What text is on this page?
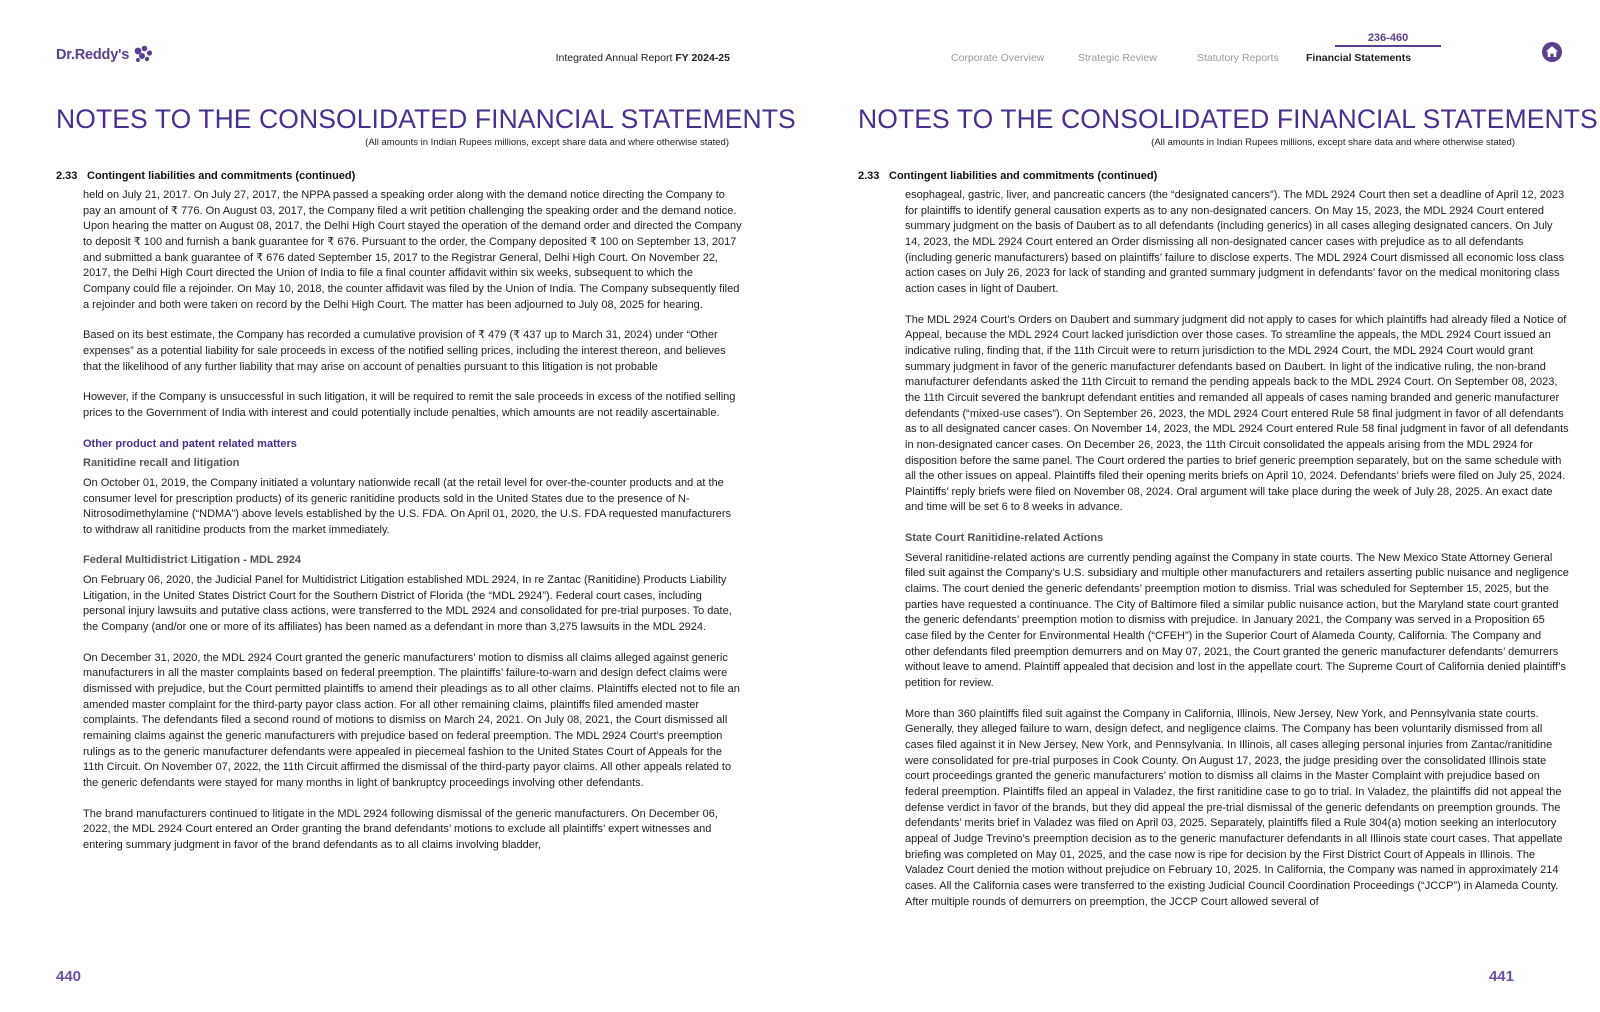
Dr.Reddy's	Integrated Annual Report FY 2024-25
NOTES TO THE CONSOLIDATED FINANCIAL STATEMENTS
(All amounts in Indian Rupees millions, except share data and where otherwise stated)
2.33 Contingent liabilities and commitments (continued)

held on July 21, 2017. On July 27, 2017, the NPPA passed a speaking order along with the demand notice directing the Company to pay an amount of ₹ 776. On August 03, 2017, the Company filed a writ petition challenging the speaking order and the demand notice. Upon hearing the matter on August 08, 2017, the Delhi High Court stayed the operation of the demand order and directed the Company to deposit ₹ 100 and furnish a bank guarantee for ₹ 676. Pursuant to the order, the Company deposited ₹ 100 on September 13, 2017 and submitted a bank guarantee of ₹ 676 dated September 15, 2017 to the Registrar General, Delhi High Court. On November 22, 2017, the Delhi High Court directed the Union of India to file a final counter affidavit within six weeks, subsequent to which the Company could file a rejoinder. On May 10, 2018, the counter affidavit was filed by the Union of India. The Company subsequently filed a rejoinder and both were taken on record by the Delhi High Court. The matter has been adjourned to July 08, 2025 for hearing.

Based on its best estimate, the Company has recorded a cumulative provision of ₹ 479 (₹ 437 up to March 31, 2024) under “Other expenses” as a potential liability for sale proceeds in excess of the notified selling prices, including the interest thereon, and believes that the likelihood of any further liability that may arise on account of penalties pursuant to this litigation is not probable

However, if the Company is unsuccessful in such litigation, it will be required to remit the sale proceeds in excess of the notified selling prices to the Government of India with interest and could potentially include penalties, which amounts are not readily ascertainable.

Other product and patent related matters
Ranitidine recall and litigation

On October 01, 2019, the Company initiated a voluntary nationwide recall (at the retail level for over-the-counter products and at the consumer level for prescription products) of its generic ranitidine products sold in the United States due to the presence of N-Nitrosodimethylamine (“NDMA”) above levels established by the U.S. FDA. On April 01, 2020, the U.S. FDA requested manufacturers to withdraw all ranitidine products from the market immediately.

Federal Multidistrict Litigation - MDL 2924

On February 06, 2020, the Judicial Panel for Multidistrict Litigation established MDL 2924, In re Zantac (Ranitidine) Products Liability Litigation, in the United States District Court for the Southern District of Florida (the “MDL 2924”). Federal court cases, including personal injury lawsuits and putative class actions, were transferred to the MDL 2924 and consolidated for pre-trial purposes. To date, the Company (and/or one or more of its affiliates) has been named as a defendant in more than 3,275 lawsuits in the MDL 2924.

On December 31, 2020, the MDL 2924 Court granted the generic manufacturers’ motion to dismiss all claims alleged against generic manufacturers in all the master complaints based on federal preemption. The plaintiffs’ failure-to-warn and design defect claims were dismissed with prejudice, but the Court permitted plaintiffs to amend their pleadings as to all other claims. Plaintiffs elected not to file an amended master complaint for the third-party payor class action. For all other remaining claims, plaintiffs filed amended master complaints. The defendants filed a second round of motions to dismiss on March 24, 2021. On July 08, 2021, the Court dismissed all remaining claims against the generic manufacturers with prejudice based on federal preemption. The MDL 2924 Court’s preemption rulings as to the generic manufacturer defendants were appealed in piecemeal fashion to the United States Court of Appeals for the 11th Circuit. On November 07, 2022, the 11th Circuit affirmed the dismissal of the third-party payor claims. All other appeals related to the generic defendants were stayed for many months in light of bankruptcy proceedings involving other defendants.

The brand manufacturers continued to litigate in the MDL 2924 following dismissal of the generic manufacturers. On December 06, 2022, the MDL 2924 Court entered an Order granting the brand defendants’ motions to exclude all plaintiffs’ expert witnesses and entering summary judgment in favor of the brand defendants as to all claims involving bladder,

440
Corporate Overview	Strategic Review	Statutory Reports
236-460
Financial Statements
NOTES TO THE CONSOLIDATED FINANCIAL STATEMENTS
(All amounts in Indian Rupees millions, except share data and where otherwise stated)
2.33 Contingent liabilities and commitments (continued)

esophageal, gastric, liver, and pancreatic cancers (the “designated cancers”). The MDL 2924 Court then set a deadline of April 12, 2023 for plaintiffs to identify general causation experts as to any non-designated cancers. On May 15, 2023, the MDL 2924 Court entered summary judgment on the basis of Daubert as to all defendants (including generics) in all cases alleging designated cancers. On July 14, 2023, the MDL 2924 Court entered an Order dismissing all non-designated cancer cases with prejudice as to all defendants (including generic manufacturers) based on plaintiffs’ failure to disclose experts. The MDL 2924 Court dismissed all economic loss class action cases on July 26, 2023 for lack of standing and granted summary judgment in defendants’ favor on the medical monitoring class action cases in light of Daubert.

The MDL 2924 Court’s Orders on Daubert and summary judgment did not apply to cases for which plaintiffs had already filed a Notice of Appeal, because the MDL 2924 Court lacked jurisdiction over those cases. To streamline the appeals, the MDL 2924 Court issued an indicative ruling, finding that, if the 11th Circuit were to return jurisdiction to the MDL 2924 Court, the MDL 2924 Court would grant summary judgment in favor of the generic manufacturer defendants based on Daubert. In light of the indicative ruling, the non-brand manufacturer defendants asked the 11th Circuit to remand the pending appeals back to the MDL 2924 Court. On September 08, 2023, the 11th Circuit severed the bankrupt defendant entities and remanded all appeals of cases naming branded and generic manufacturer defendants (“mixed-use cases”). On September 26, 2023, the MDL 2924 Court entered Rule 58 final judgment in favor of all defendants as to all designated cancer cases. On November 14, 2023, the MDL 2924 Court entered Rule 58 final judgment in favor of all defendants in non-designated cancer cases. On December 26, 2023, the 11th Circuit consolidated the appeals arising from the MDL 2924 for disposition before the same panel. The Court ordered the parties to brief generic preemption separately, but on the same schedule with all the other issues on appeal. Plaintiffs filed their opening merits briefs on April 10, 2024. Defendants’ briefs were filed on July 25, 2024. Plaintiffs’ reply briefs were filed on November 08, 2024. Oral argument will take place during the week of July 28, 2025. An exact date and time will be set 6 to 8 weeks in advance.

State Court Ranitidine-related Actions

Several ranitidine-related actions are currently pending against the Company in state courts. The New Mexico State Attorney General filed suit against the Company’s U.S. subsidiary and multiple other manufacturers and retailers asserting public nuisance and negligence claims. The court denied the generic defendants’ preemption motion to dismiss. Trial was scheduled for September 15, 2025, but the parties have requested a continuance. The City of Baltimore filed a similar public nuisance action, but the Maryland state court granted the generic defendants’ preemption motion to dismiss with prejudice. In January 2021, the Company was served in a Proposition 65 case filed by the Center for Environmental Health (“CFEH”) in the Superior Court of Alameda County, California. The Company and other defendants filed preemption demurrers and on May 07, 2021, the Court granted the generic manufacturer defendants’ demurrers without leave to amend. Plaintiff appealed that decision and lost in the appellate court. The Supreme Court of California denied plaintiff’s petition for review.

More than 360 plaintiffs filed suit against the Company in California, Illinois, New Jersey, New York, and Pennsylvania state courts. Generally, they alleged failure to warn, design defect, and negligence claims. The Company has been voluntarily dismissed from all cases filed against it in New Jersey, New York, and Pennsylvania. In Illinois, all cases alleging personal injuries from Zantac/ranitidine were consolidated for pre-trial purposes in Cook County. On August 17, 2023, the judge presiding over the consolidated Illinois state court proceedings granted the generic manufacturers’ motion to dismiss all claims in the Master Complaint with prejudice based on federal preemption. Plaintiffs filed an appeal in Valadez, the first ranitidine case to go to trial. In Valadez, the plaintiffs did not appeal the defense verdict in favor of the brands, but they did appeal the pre-trial dismissal of the generic defendants on preemption grounds. The defendants’ merits brief in Valadez was filed on April 03, 2025. Separately, plaintiffs filed a Rule 304(a) motion seeking an interlocutory appeal of Judge Trevino’s preemption decision as to the generic manufacturer defendants in all Illinois state court cases. That appellate briefing was completed on May 01, 2025, and the case now is ripe for decision by the First District Court of Appeals in Illinois. The Valadez Court denied the motion without prejudice on February 10, 2025. In California, the Company was named in approximately 214 cases. All the California cases were transferred to the existing Judicial Council Coordination Proceedings (“JCCP”) in Alameda County. After multiple rounds of demurrers on preemption, the JCCP Court allowed several of

441
